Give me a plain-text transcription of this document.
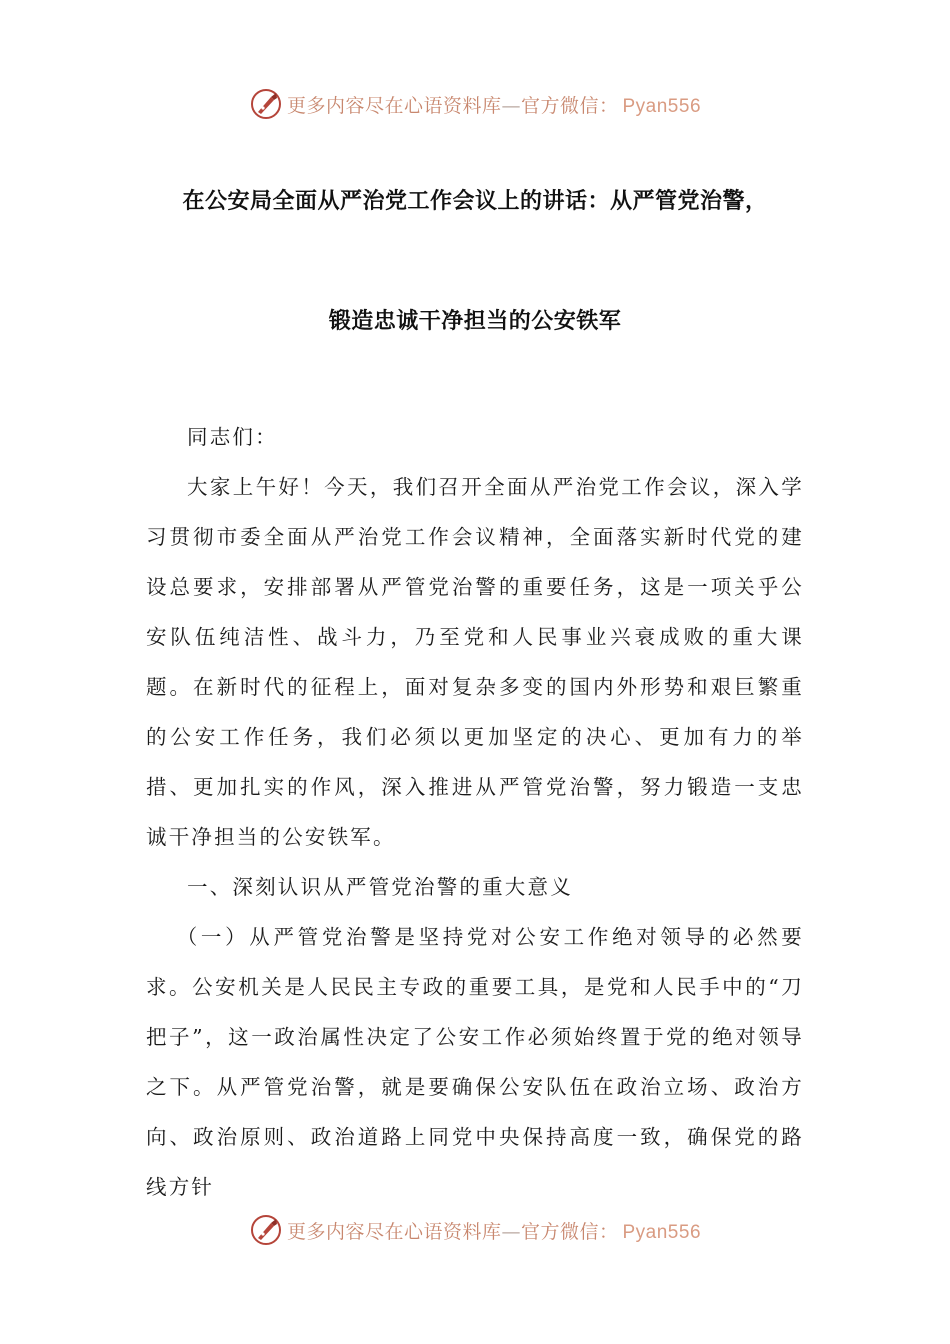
更多内容尽在心语资料库—官方微信： Pyan556
在公安局全面从严治党工作会议上的讲话：从严管党治警，
锻造忠诚干净担当的公安铁军

同志们：

大家上午好！今天，我们召开全面从严治党工作会议，深入学习贯彻市委全面从严治党工作会议精神，全面落实新时代党的建设总要求，安排部署从严管党治警的重要任务，这是一项关乎公安队伍纯洁性、战斗力，乃至党和人民事业兴衰成败的重大课题。在新时代的征程上，面对复杂多变的国内外形势和艰巨繁重的公安工作任务，我们必须以更加坚定的决心、更加有力的举措、更加扎实的作风，深入推进从严管党治警，努力锻造一支忠诚干净担当的公安铁军。

一、深刻认识从严管党治警的重大意义

（一）从严管党治警是坚持党对公安工作绝对领导的必然要求。公安机关是人民民主专政的重要工具，是党和人民手中的“刀把子”，这一政治属性决定了公安工作必须始终置于党的绝对领导之下。从严管党治警，就是要确保公安队伍在政治立场、政治方向、政治原则、政治道路上同党中央保持高度一致，确保党的路线方针

更多内容尽在心语资料库—官方微信： Pyan556
